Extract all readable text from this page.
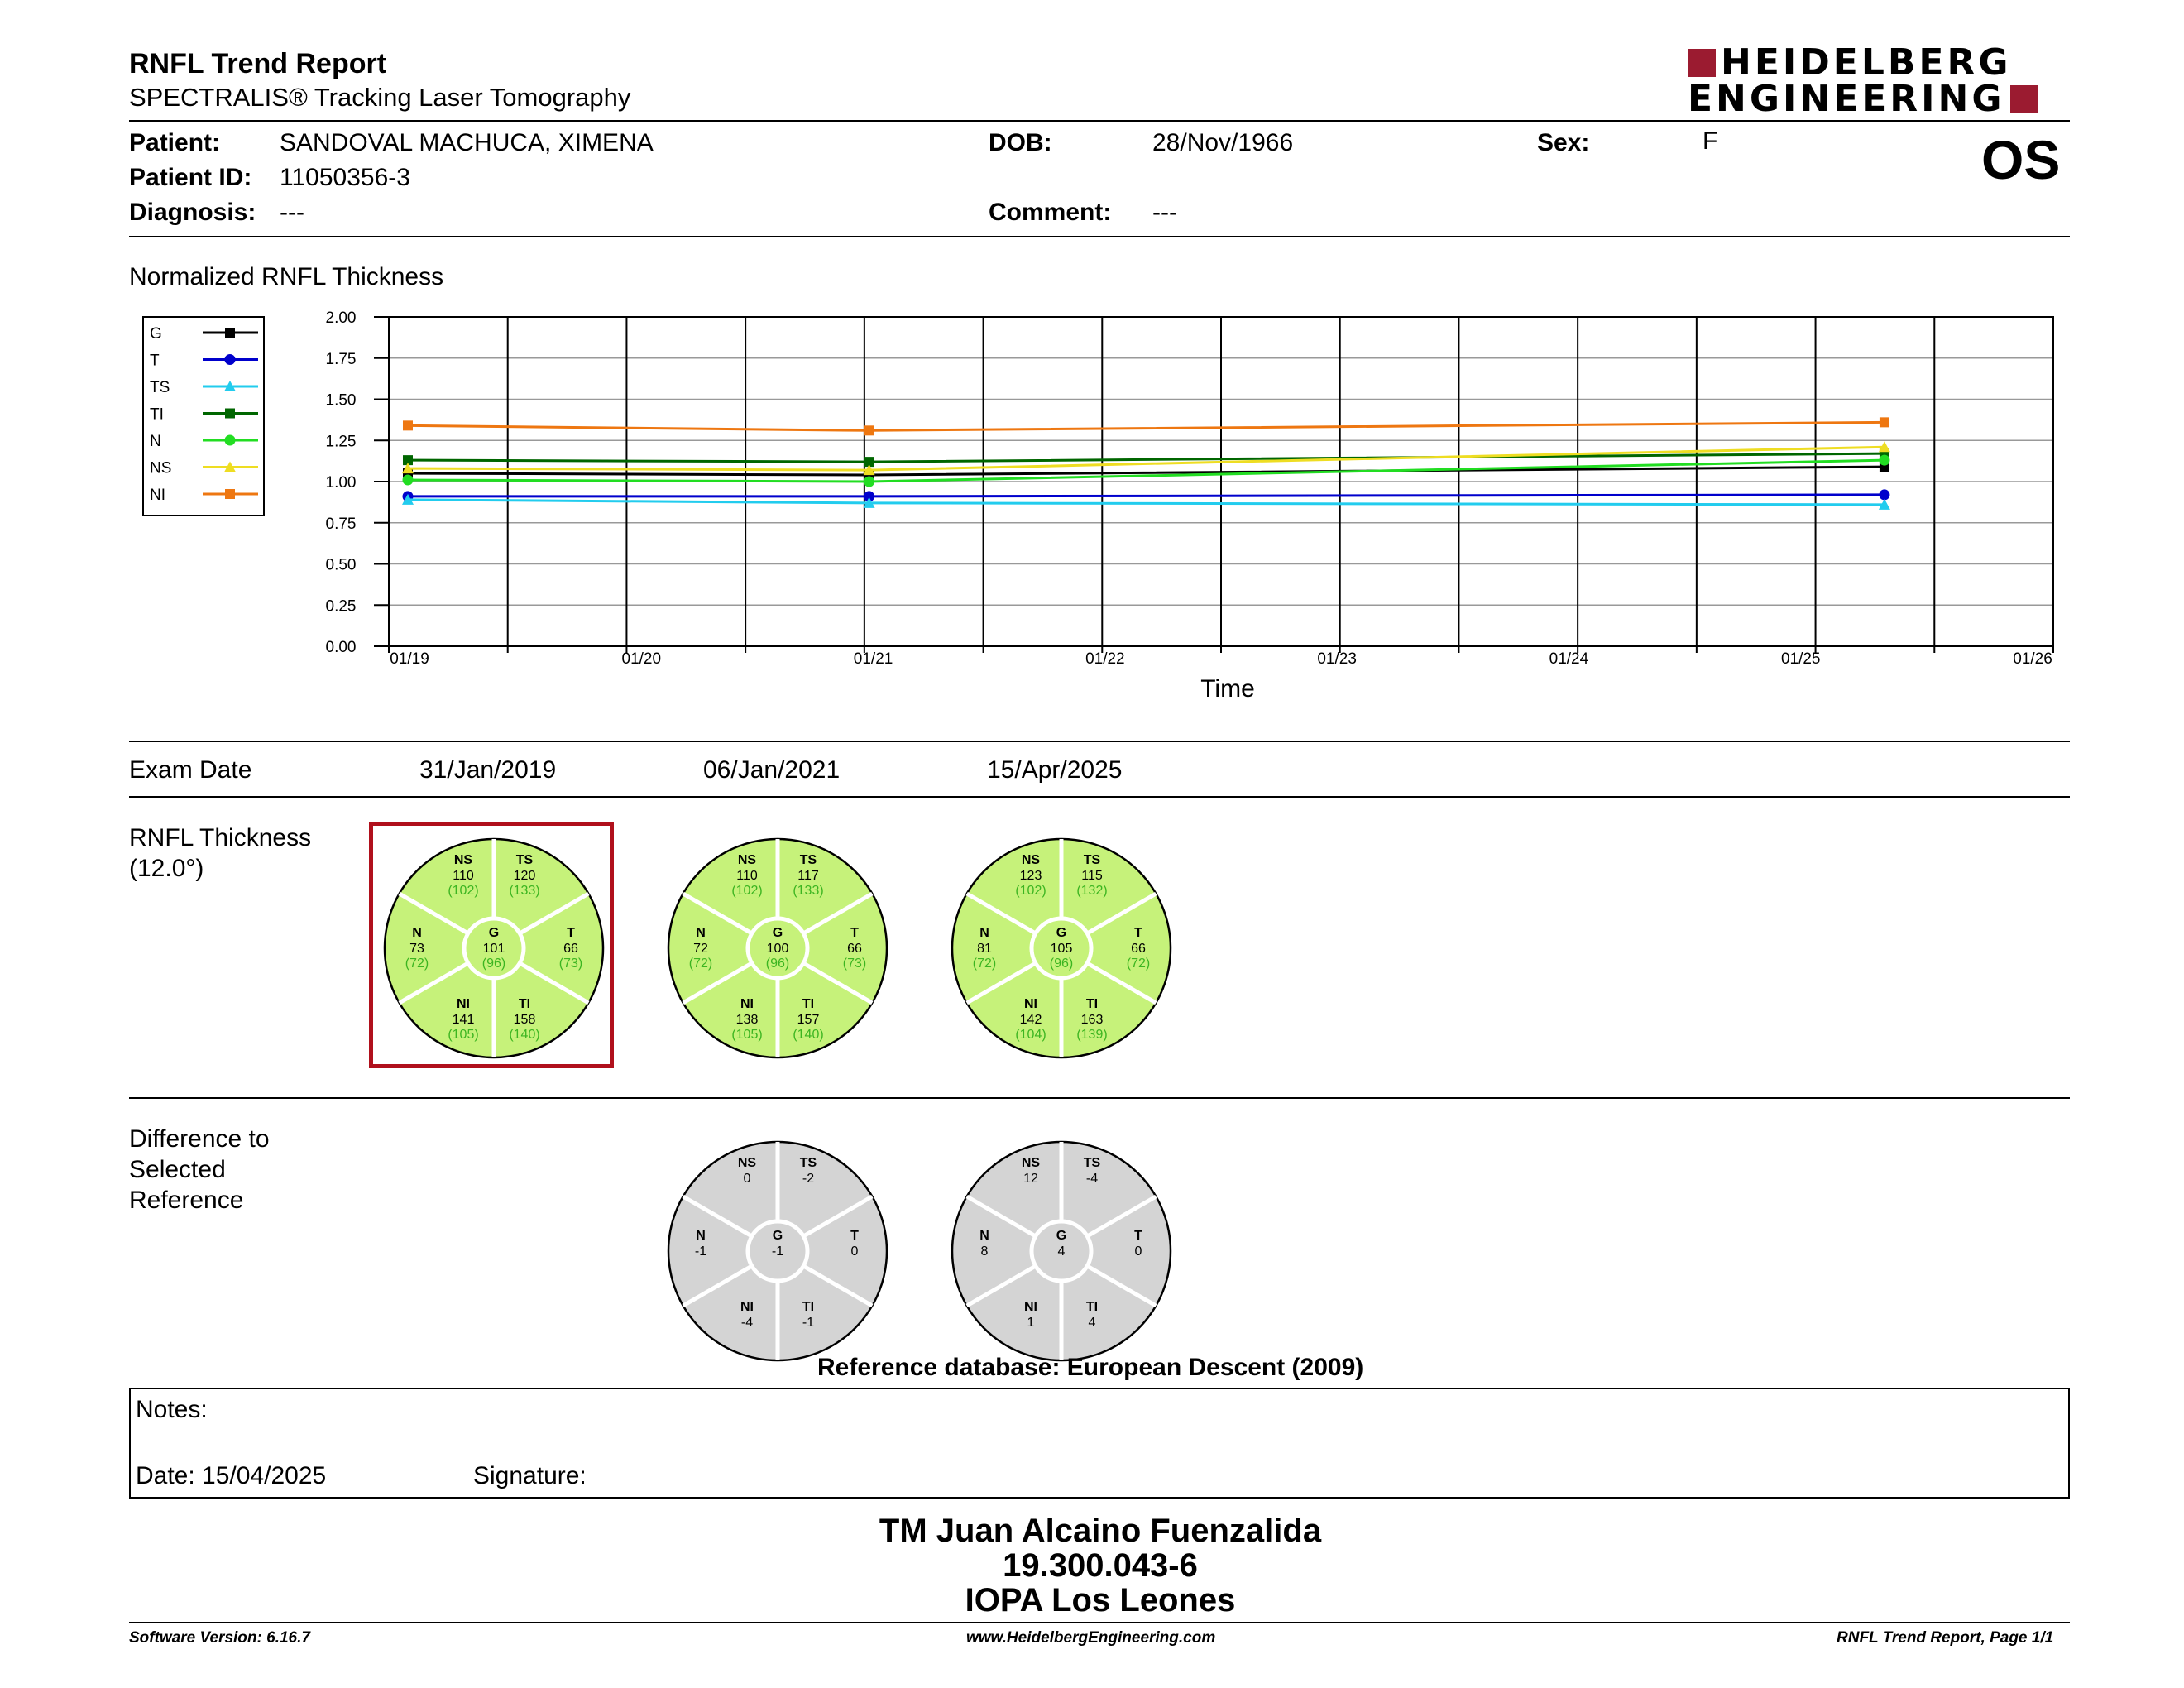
RNFL Trend Report
SPECTRALIS® Tracking Laser Tomography
HEIDELBERG
ENGINEERING
Patient: SANDOVAL MACHUCA, XIMENA
Patient ID: 11050356-3
Diagnosis: ---
DOB:	28/Nov/1966
Comment: ---
Sex:	F	OS
Normalized RNFL Thickness
0.00
0.25
0.50
0.75
1.00
1.25
1.50
1.75
2.00
01/19	01/20	01/21	01/22	01/23	01/24	01/25	01/26
Time
G
T
TS
TI
N
NS
NI
Exam Date	31/Jan/2019	06/Jan/2021	15/Apr/2025
RNFL Thickness
(12.0°)	NS
110
(102)
TS
120
(133)
N
73
(72)
G
101
(96)
T
66
(73)
NI
141
(105)
TI
158
(140)
NS
110
(102)
TS
117
(133)
N
72
(72)
G
100
(96)
T
66
(73)
NI
138
(105)
TI
157
(140)
NS
123
(102)
TS
115
(132)
N
81
(72)
G
105
(96)
T
66
(72)
NI
142
(104)
TI
163
(139)
NS
0
TS
-2
N
-1
G
-1
T
0
NI
-4
TI
-1
NS
12
TS
-4
N
8
G
4
T
0
NI
1
TI
4
Difference to
Selected
Reference
Reference database: European Descent (2009)
Notes:
Date: 15/04/2025	Signature:
TM Juan Alcaino Fuenzalida
19.300.043-6
IOPA Los Leones
Software Version: 6.16.7	www.HeidelbergEngineering.com	RNFL Trend Report, Page 1/1
